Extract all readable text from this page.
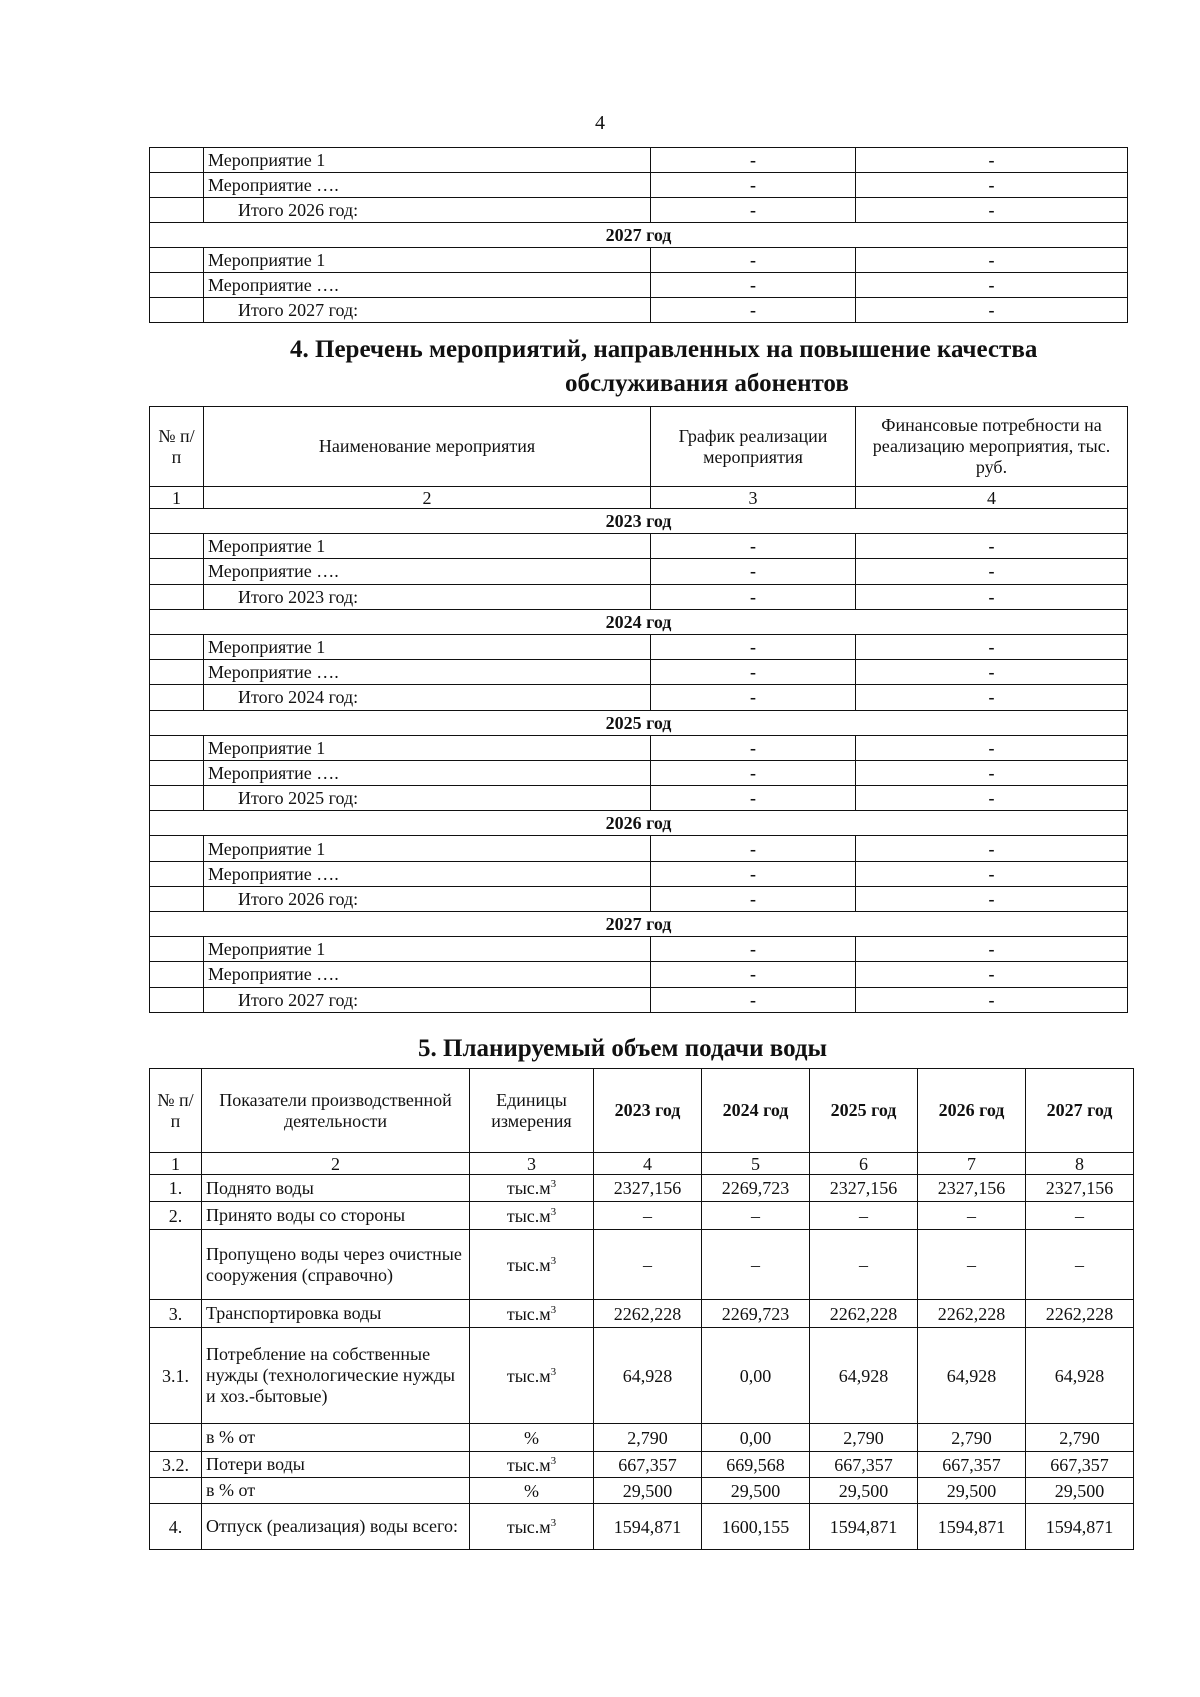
4
	Мероприятие 1	-	-
	Мероприятие ….	-	-
	Итого 2026 год:	-	-
2027 год			
	Мероприятие 1	-	-
	Мероприятие ….	-	-
	Итого 2027 год:	-	-
4. Перечень мероприятий, направленных на повышение качества
обслуживания абонентов
№ п/п	Наименование мероприятия	График реализации мероприятия	Финансовые потребности на реализацию мероприятия, тыс. руб.
1	2	3	4
2023 год			
	Мероприятие 1	-	-
	Мероприятие ….	-	-
	Итого 2023 год:	-	-
2024 год			
	Мероприятие 1	-	-
	Мероприятие ….	-	-
	Итого 2024 год:	-	-
2025 год			
	Мероприятие 1	-	-
	Мероприятие ….	-	-
	Итого 2025 год:	-	-
2026 год			
	Мероприятие 1	-	-
	Мероприятие ….	-	-
	Итого 2026 год:	-	-
2027 год			
	Мероприятие 1	-	-
	Мероприятие ….	-	-
	Итого 2027 год:	-	-
5. Планируемый объем подачи воды
№ п/п	Показатели производственной деятельности	Единицы измерения	2023 год	2024 год	2025 год	2026 год	2027 год
1	2	3	4	5	6	7	8
1.	Поднято воды	$тыс.м^3$	2327,156	2269,723	2327,156	2327,156	2327,156
2.	Принято воды со стороны	$тыс.м^3$	–	–	–	–	–
	Пропущено воды через очистные сооружения (справочно)	$тыс.м^3$	–	–	–	–	–
3.	Транспортировка воды	$тыс.м^3$	2262,228	2269,723	2262,228	2262,228	2262,228
3.1.	Потребление на собственные нужды (технологические нужды и хоз.-бытовые)	$тыс.м^3$	64,928	0,00	64,928	64,928	64,928
	в % от	%	2,790	0,00	2,790	2,790	2,790
3.2.	Потери воды	$тыс.м^3$	667,357	669,568	667,357	667,357	667,357
	в % от	%	29,500	29,500	29,500	29,500	29,500
4.	Отпуск (реализация) воды всего:	$тыс.м^3$	1594,871	1600,155	1594,871	1594,871	1594,871
